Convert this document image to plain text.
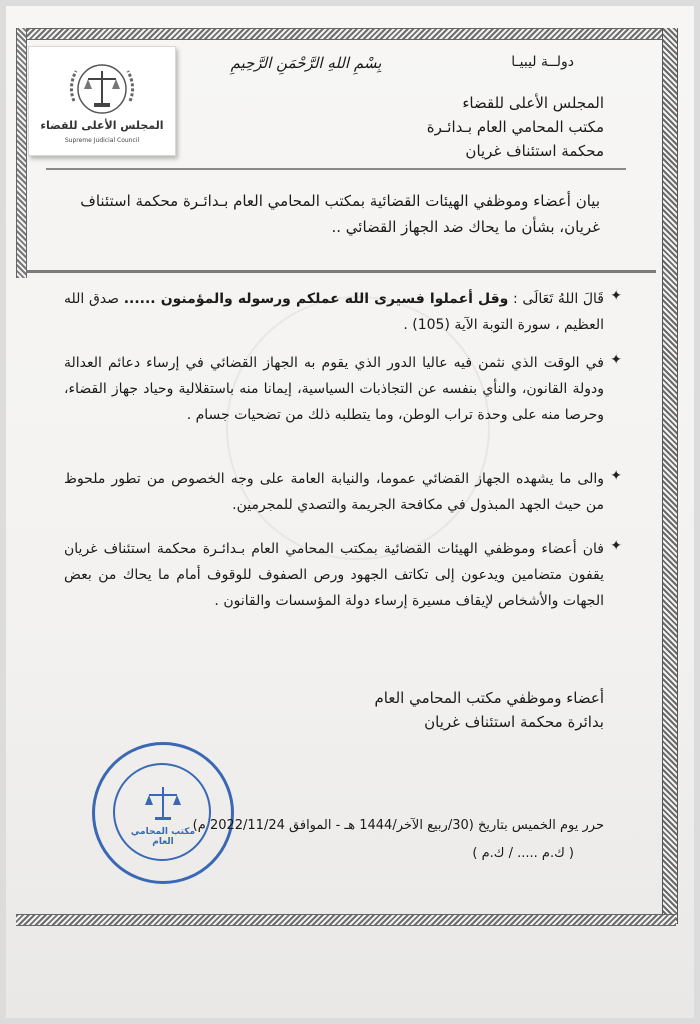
المجلس الأعلى للقضاء
Supreme Judicial Council
دولــة ليبيـا
بِسْمِ اللهِ الرَّحْمَنِ الرَّحِيمِ
المجلس الأعلى للقضاء
مكتب المحامي العام بـدائـرة
محكمة استئناف غريان
بيان أعضاء وموظفي الهيئات القضائية بمكتب المحامي العام بـدائـرة محكمة استئناف غريان، بشأن ما يحاك ضد الجهاز القضائي ..
✦
قَالَ اللهُ تَعَالَى : وقل أعملوا فسيرى الله عملكم ورسوله والمؤمنون ...... صدق الله العظيم ، سورة التوبة الآية (105) .
✦
في الوقت الذي نثمن فيه عاليا الدور الذي يقوم به الجهاز القضائي في إرساء دعائم العدالة ودولة القانون، والنأي بنفسه عن التجاذبات السياسية، إيمانا منه باستقلالية وحياد جهاز القضاء، وحرصا منه على وحدة تراب الوطن، وما يتطلبه ذلك من تضحيات جسام .
✦
والى ما يشهده الجهاز القضائي عموما، والنيابة العامة على وجه الخصوص من تطور ملحوظ من حيث الجهد المبذول في مكافحة الجريمة والتصدي للمجرمين.
✦
فان أعضاء وموظفي الهيئات القضائية بمكتب المحامي العام بـدائـرة محكمة استئناف غريان يقفون متضامين ويدعون إلى تكاتف الجهود ورص الصفوف للوقوف أمام ما يحاك من بعض الجهات والأشخاص لإيقاف مسيرة إرساء دولة المؤسسات والقانون .
أعضاء وموظفي مكتب المحامي العام
بدائرة محكمة استئناف غريان
مكتب المحامي العام
حرر يوم الخميس بتاريخ (30/ربيع الآخر/1444 هـ - الموافق 2022/11/24 م)
( ك.م ..... / ك.م )
